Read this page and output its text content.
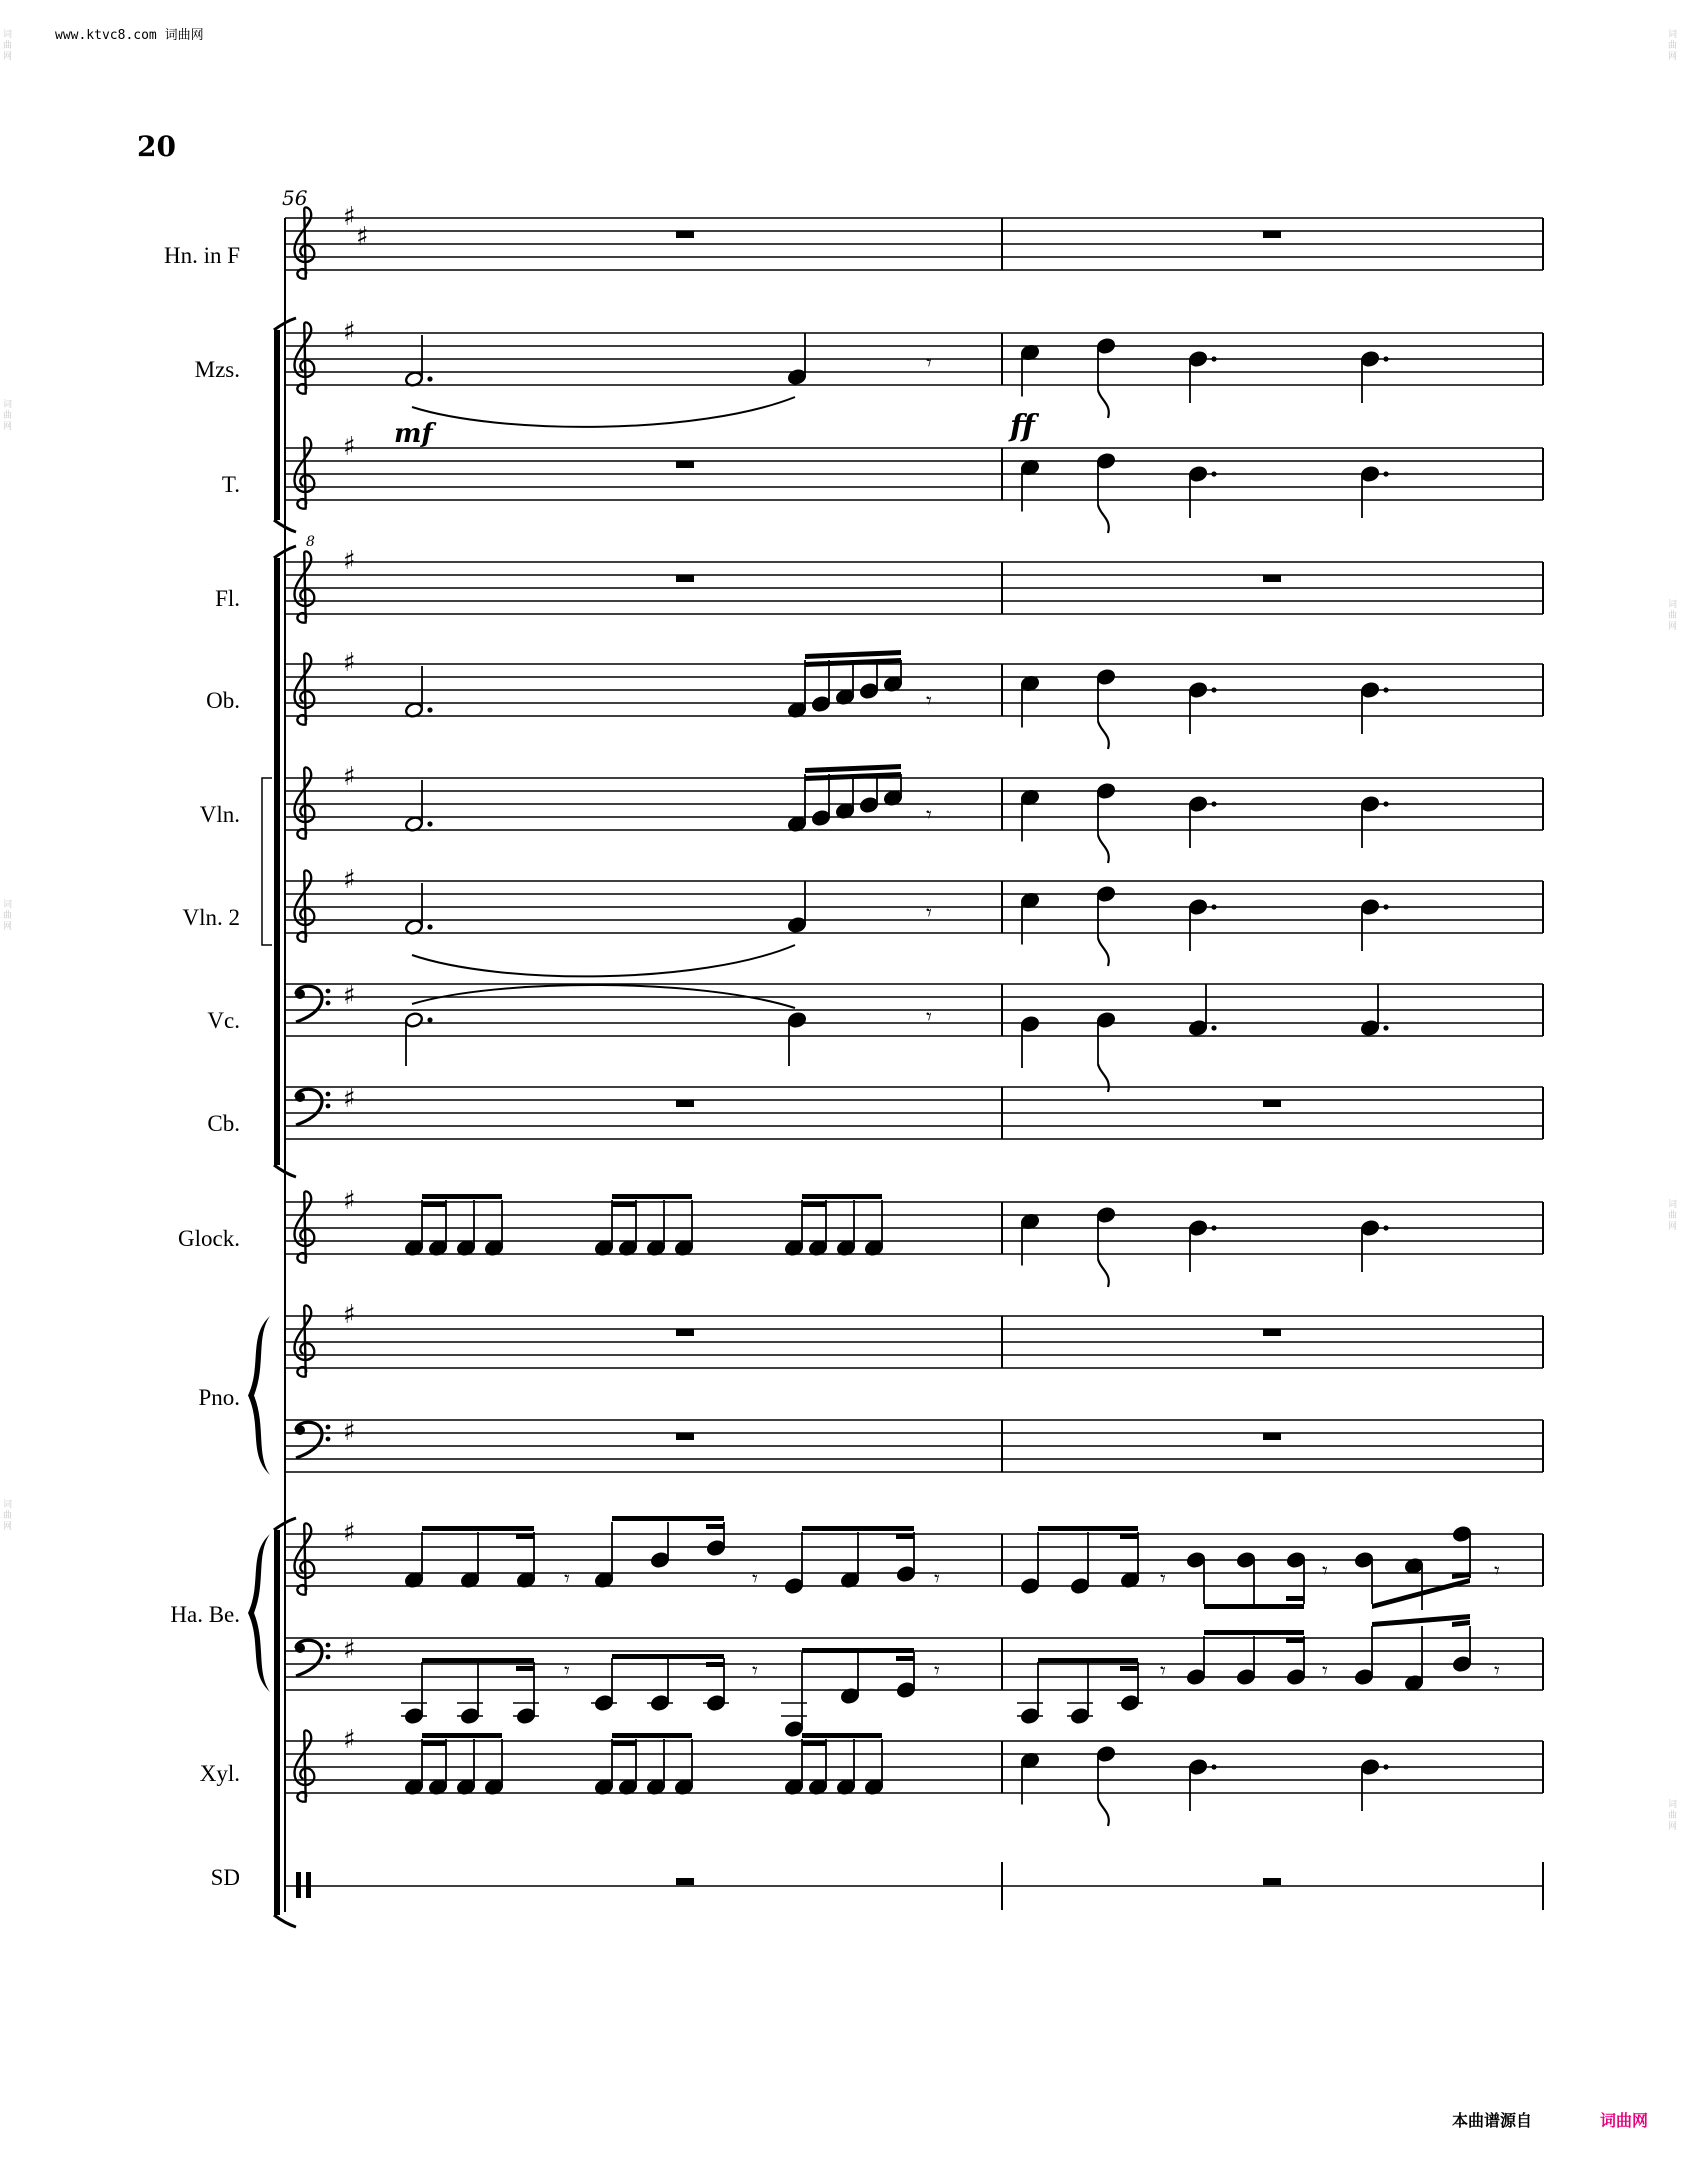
www.ktvc8.com 词曲网
20
56
Hn. in F
Mzs.
T.
Fl.
Ob.
Vln.
Vln. 2
Vc.
Cb.
Glock.
Pno.
Ha. Be.
Xyl.
SD
本曲谱源自	词曲网
词曲网
词曲网
词曲网
词曲网
词曲网
词曲网
词曲网
词曲网
♯
♯
♯
♯
♯
♯
♯
♯
♯
♯
♯
♯
♯
♯
♯
♯
𝄾
mf	ff
8
𝄾
𝄾
𝄾
𝄾
𝄾	𝄾	𝄾	𝄾	𝄾	𝄾
𝄾	𝄾	𝄾	𝄾	𝄾	𝄾
